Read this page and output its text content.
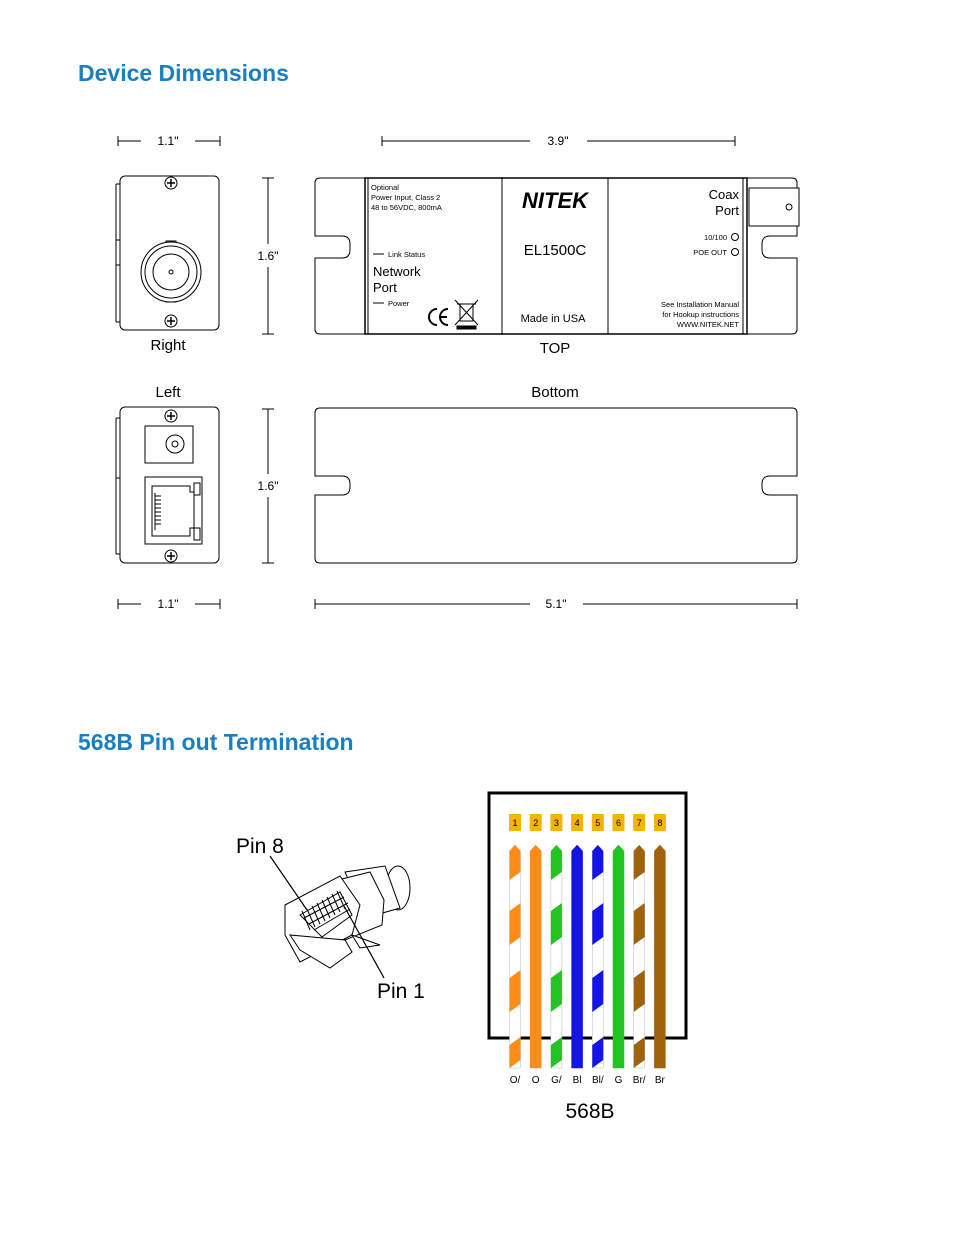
Device Dimensions
568B Pin out Termination
1.1"	3.9"
1.6"
1.6"
1.1"	5.1"
Right
Left
Optional
Power Input, Class 2
48 to 56VDC, 800mA
Link Status
Network
Port
Power
NITEK
EL1500C
Made in USA
Coax
Port
10/100
POE OUT
See Installation Manual
for Hookup instructions
WWW.NITEK.NET
TOP
Bottom
Pin 8
Pin 1
1 2 3 4 5 6 7 8
O/ O G/ Bl Bl/ G Br/ Br
568B
